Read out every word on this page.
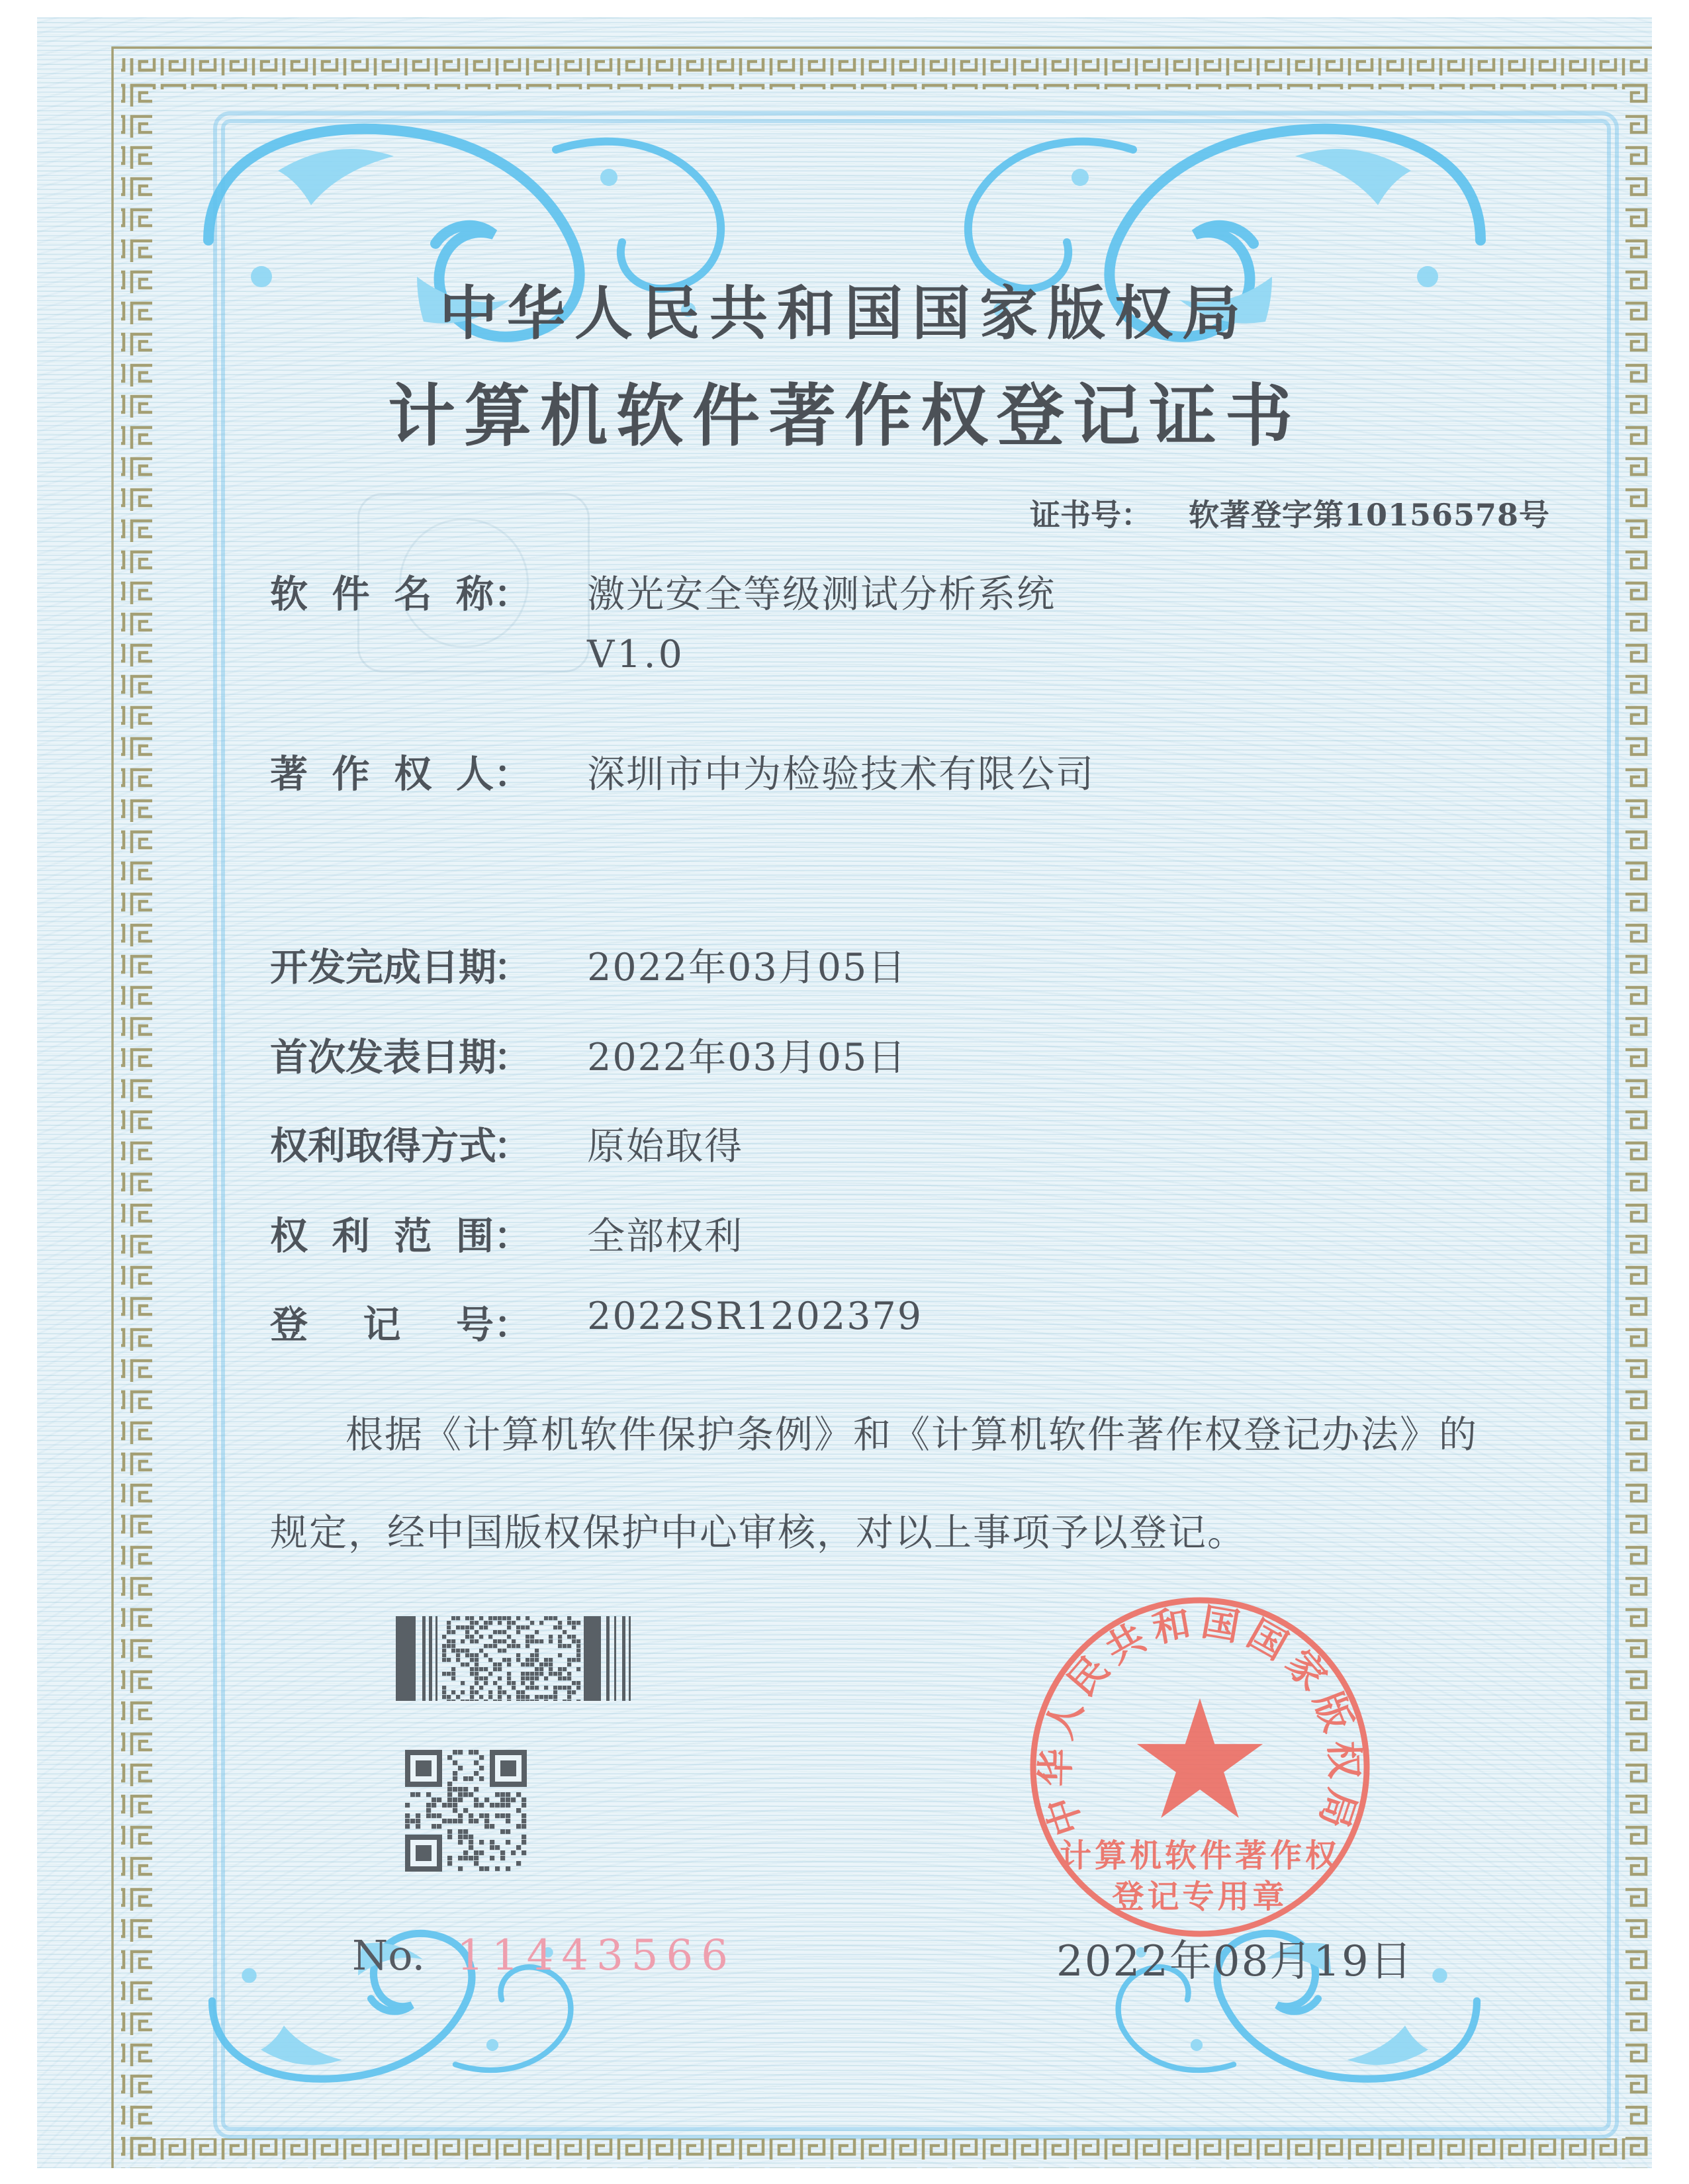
中华人民共和国国家版权局
计算机软件著作权登记证书
证书号： 软著登字第10156578号
软件名称： 激光安全等级测试分析系统
V1.0
著作权人： 深圳市中为检验技术有限公司
开发完成日期： 2022年03月05日
首次发表日期： 2022年03月05日
权利取得方式： 原始取得
权利范围： 全部权利
登记号： 2022SR1202379
根据《计算机软件保护条例》和《计算机软件著作权登记办法》的
规定，经中国版权保护中心审核，对以上事项予以登记。
No. 11443566
中华人民共和国国家版权局
计算机软件著作权
登记专用章
2022年08月19日
